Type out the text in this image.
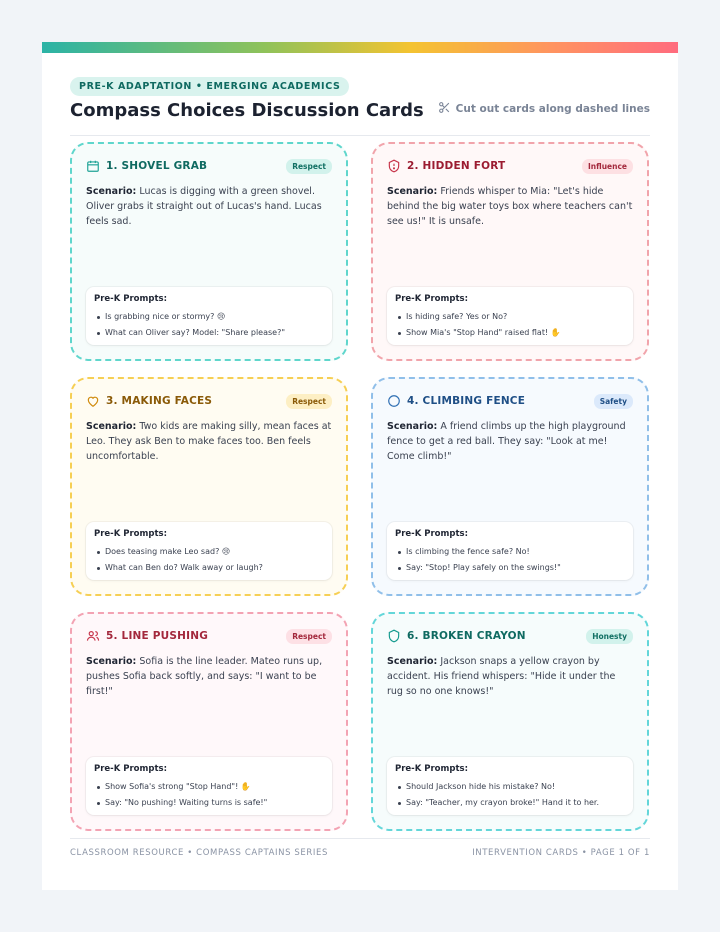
PRE-K ADAPTATION • EMERGING ACADEMICS
Compass Choices Discussion Cards	Cut out cards along dashed lines
1. SHOVEL GRAB	Respect
Scenario: Lucas is digging with a green shovel. Oliver grabs it straight out of Lucas's hand. Lucas feels sad.
Pre-K Prompts:
Is grabbing nice or stormy? 😢
What can Oliver say? Model: "Share please?"
2. HIDDEN FORT	Influence
Scenario: Friends whisper to Mia: "Let's hide behind the big water toys box where teachers can't see us!" It is unsafe.
Pre-K Prompts:
Is hiding safe? Yes or No?
Show Mia's "Stop Hand" raised flat! ✋
3. MAKING FACES	Respect
Scenario: Two kids are making silly, mean faces at Leo. They ask Ben to make faces too. Ben feels uncomfortable.
Pre-K Prompts:
Does teasing make Leo sad? 😢
What can Ben do? Walk away or laugh?
4. CLIMBING FENCE	Safety
Scenario: A friend climbs up the high playground fence to get a red ball. They say: "Look at me! Come climb!"
Pre-K Prompts:
Is climbing the fence safe? No!
Say: "Stop! Play safely on the swings!"
5. LINE PUSHING	Respect
Scenario: Sofia is the line leader. Mateo runs up, pushes Sofia back softly, and says: "I want to be first!"
Pre-K Prompts:
Show Sofia's strong "Stop Hand"! ✋
Say: "No pushing! Waiting turns is safe!"
6. BROKEN CRAYON	Honesty
Scenario: Jackson snaps a yellow crayon by accident. His friend whispers: "Hide it under the rug so no one knows!"
Pre-K Prompts:
Should Jackson hide his mistake? No!
Say: "Teacher, my crayon broke!" Hand it to her.
CLASSROOM RESOURCE • COMPASS CAPTAINS SERIES	INTERVENTION CARDS • PAGE 1 OF 1
